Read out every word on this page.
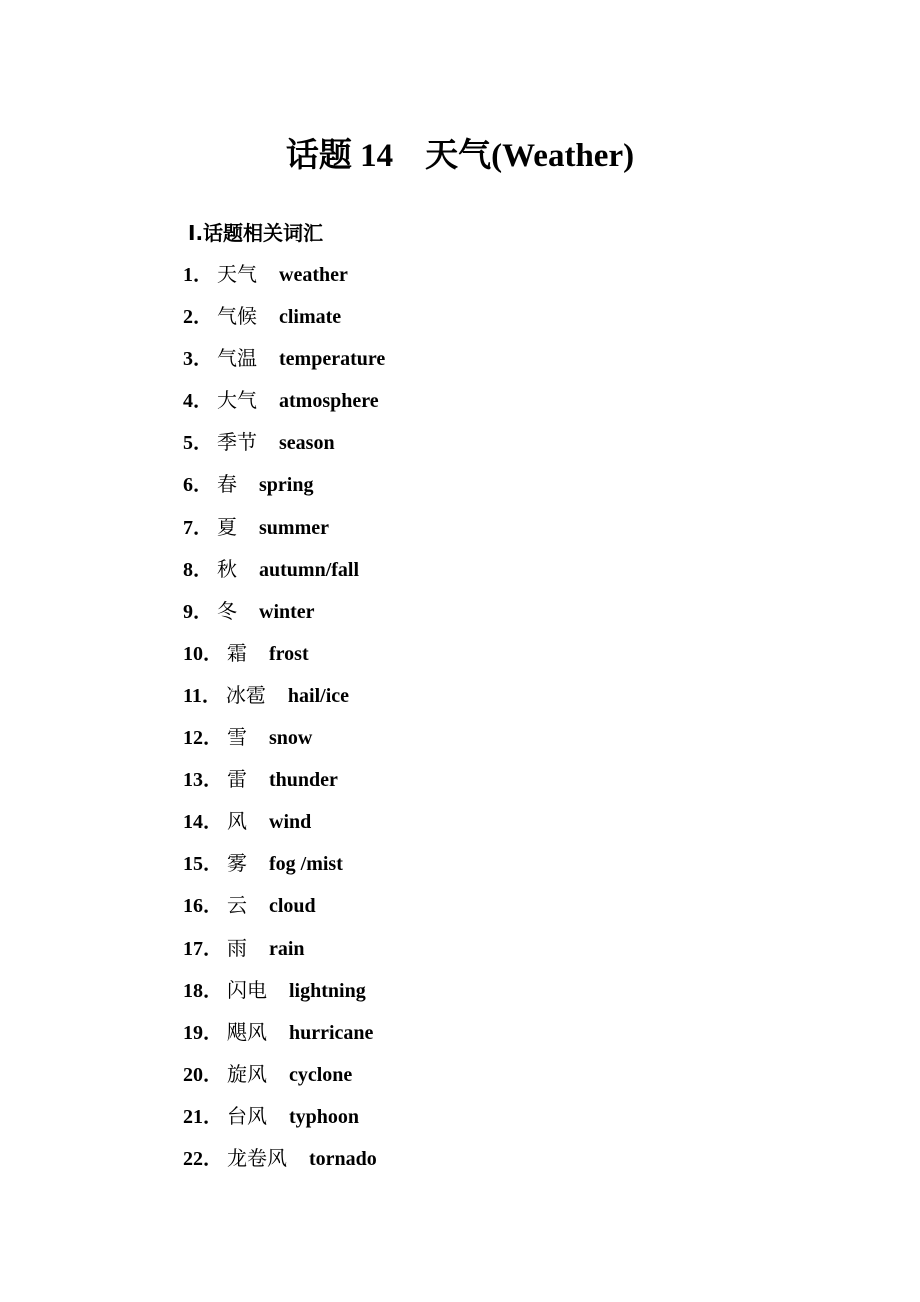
话题 14 天气(Weather)
Ⅰ.话题相关词汇
1． 天气 weather
2． 气候 climate
3． 气温 temperature
4． 大气 atmosphere
5． 季节 season
6． 春 spring
7． 夏 summer
8． 秋 autumn/fall
9． 冬 winter
10． 霜 frost
11． 冰雹 hail/ice
12． 雪 snow
13． 雷 thunder
14． 风 wind
15． 雾 fog /mist
16． 云 cloud
17． 雨 rain
18． 闪电 lightning
19． 飓风 hurricane
20． 旋风 cyclone
21． 台风 typhoon
22． 龙卷风 tornado
